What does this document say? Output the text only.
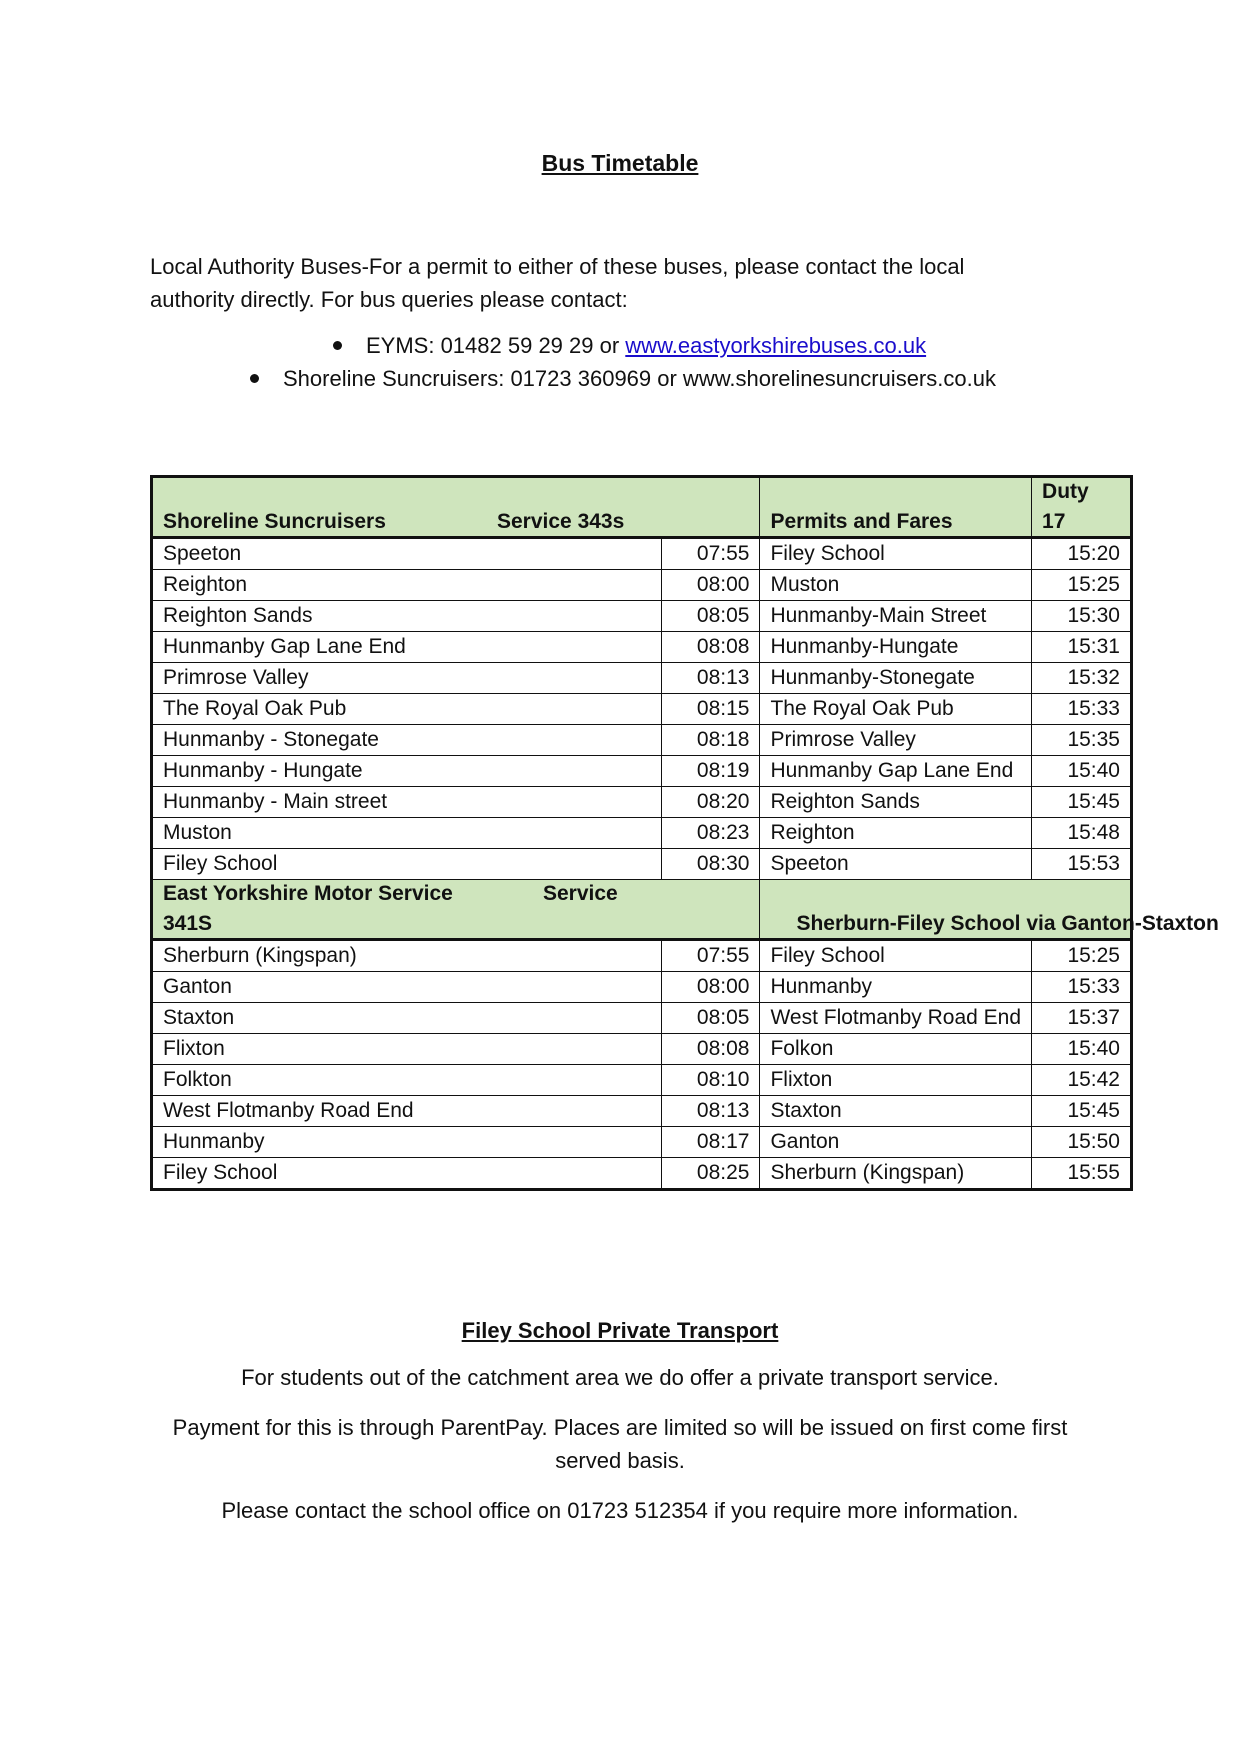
Bus Timetable
Local Authority Buses-For a permit to either of these buses, please contact the local authority directly. For bus queries please contact:
EYMS: 01482 59 29 29 or www.eastyorkshirebuses.co.uk
Shoreline Suncruisers: 01723 360969 or www.shorelinesuncruisers.co.uk
Shoreline Suncruisers Service 343s		Permits and Fares	Duty
17

Speeton	07:55	Filey School	15:20
Reighton	08:00	Muston	15:25
Reighton Sands	08:05	Hunmanby-Main Street	15:30
Hunmanby Gap Lane End	08:08	Hunmanby-Hungate	15:31
Primrose Valley	08:13	Hunmanby-Stonegate	15:32
The Royal Oak Pub	08:15	The Royal Oak Pub	15:33
Hunmanby - Stonegate	08:18	Primrose Valley	15:35
Hunmanby - Hungate	08:19	Hunmanby Gap Lane End	15:40
Hunmanby - Main street	08:20	Reighton Sands	15:45
Muston	08:23	Reighton	15:48
Filey School	08:30	Speeton	15:53

East Yorkshire Motor Service Service
341S		Sherburn-Filey School via Ganton-Staxton	

Sherburn (Kingspan)	07:55	Filey School	15:25
Ganton	08:00	Hunmanby	15:33
Staxton	08:05	West Flotmanby Road End	15:37
Flixton	08:08	Folkon	15:40
Folkton	08:10	Flixton	15:42
West Flotmanby Road End	08:13	Staxton	15:45
Hunmanby	08:17	Ganton	15:50
Filey School	08:25	Sherburn (Kingspan)	15:55
Filey School Private Transport
For students out of the catchment area we do offer a private transport service.
Payment for this is through ParentPay. Places are limited so will be issued on first come first served basis.
Please contact the school office on 01723 512354 if you require more information.
